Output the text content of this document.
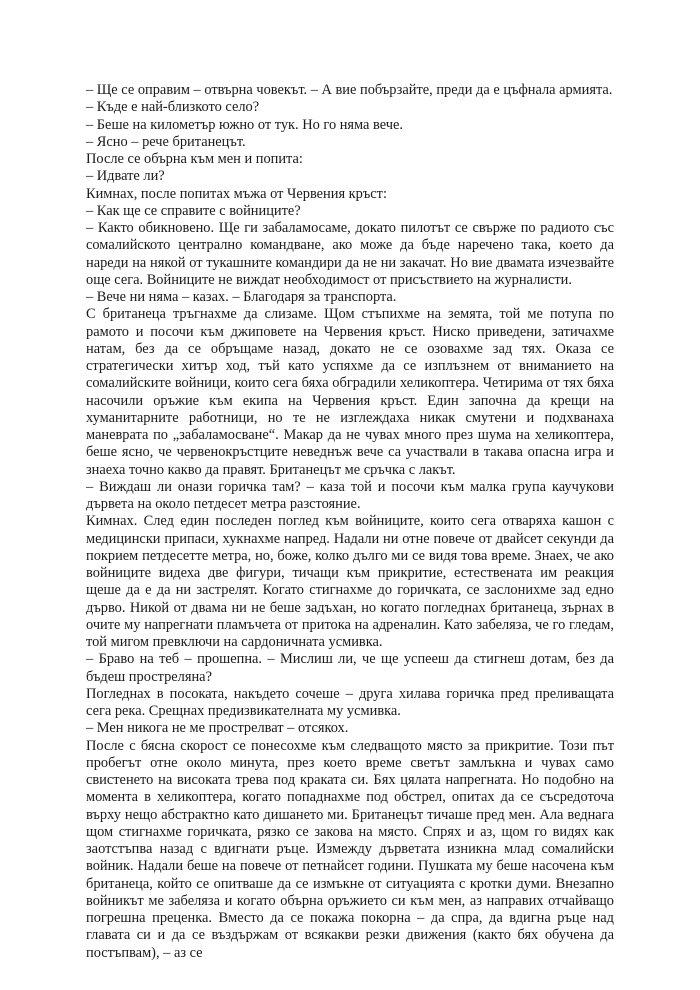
– Ще се оправим – отвърна човекът. – А вие побързайте, преди да е цъфнала армията.

– Къде е най-близкото село?

– Беше на километър южно от тук. Но го няма вече.

– Ясно – рече британецът.

После се обърна към мен и попита:

– Идвате ли?

Кимнах, после попитах мъжа от Червения кръст:

– Как ще се справите с войниците?

– Както обикновено. Ще ги забаламосаме, докато пилотът се свърже по радиото със сомалийското централно командване, ако може да бъде наречено така, което да нареди на някой от тукашните командири да не ни закачат. Но вие двамата изчезвайте още сега. Войниците не виждат необходимост от присъствието на журналисти.

– Вече ни няма – казах. – Благодаря за транспорта.

С британеца тръгнахме да слизаме. Щом стъпихме на земята, той ме потупа по рамото и посочи към джиповете на Червения кръст. Ниско приведени, затичахме натам, без да се обръщаме назад, докато не се озовахме зад тях. Оказа се стратегически хитър ход, тъй като успяхме да се изплъзнем от вниманието на сомалийските войници, които сега бяха обградили хеликоптера. Четирима от тях бяха насочили оръжие към екипа на Червения кръст. Един започна да крещи на хуманитарните работници, но те не изглеждаха никак смутени и подхванаха маневрата по „забаламосване“. Макар да не чувах много през шума на хеликоптера, беше ясно, че червенокръстците неведнъж вече са участвали в такава опасна игра и знаеха точно какво да правят. Британецът ме сръчка с лакът.

– Виждаш ли онази горичка там? – каза той и посочи към малка група каучукови дървета на около петдесет метра разстояние.

Кимнах. След един последен поглед към войниците, които сега отваряха кашон с медицински припаси, хукнахме напред. Надали ни отне повече от двайсет секунди да покрием петдесетте метра, но, боже, колко дълго ми се видя това време. Знаех, че ако войниците видеха две фигури, тичащи към прикритие, естествената им реакция щеше да е да ни застрелят. Когато стигнахме до горичката, се заслонихме зад едно дърво. Никой от двама ни не беше задъхан, но когато погледнах британеца, зърнах в очите му напрегнати пламъчета от притока на адреналин. Като забеляза, че го гледам, той мигом превключи на сардоничната усмивка.

– Браво на теб – прошепна. – Мислиш ли, че ще успееш да стигнеш дотам, без да бъдеш простреляна?

Погледнах в посоката, накъдето сочеше – друга хилава горичка пред преливащата сега река. Срещнах предизвикателната му усмивка.

– Мен никога не ме прострелват – отсякох.

После с бясна скорост се понесохме към следващото място за прикритие. Този път пробегът отне около минута, през което време светът замлъкна и чувах само свистенето на високата трева под краката си. Бях цялата напрегната. Но подобно на момента в хеликоптера, когато попаднахме под обстрел, опитах да се съсредоточа върху нещо абстрактно като дишането ми. Британецът тичаше пред мен. Ала веднага щом стигнахме горичката, рязко се закова на място. Спрях и аз, щом го видях как заотстъпва назад с вдигнати ръце. Измежду дърветата изникна млад сомалийски войник. Надали беше на повече от петнайсет години. Пушката му беше насочена към британеца, който се опитваше да се измъкне от ситуацията с кротки думи. Внезапно войникът ме забеляза и когато обърна оръжието си към мен, аз направих отчайващо погрешна преценка. Вместо да се покажа покорна – да спра, да вдигна ръце над главата си и да се въздържам от всякакви резки движения (както бях обучена да постъпвам), – аз се
